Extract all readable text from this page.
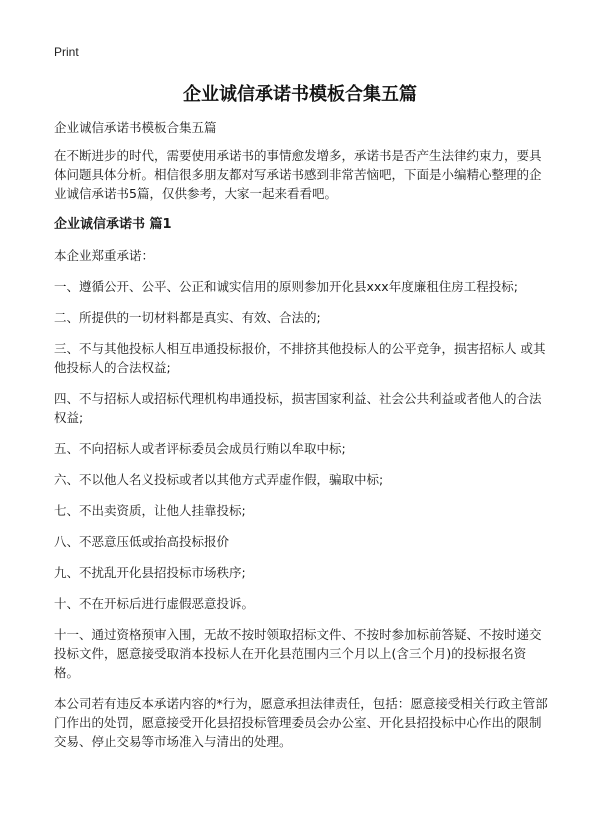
Print
企业诚信承诺书模板合集五篇

企业诚信承诺书模板合集五篇

在不断进步的时代，需要使用承诺书的事情愈发增多，承诺书是否产生法律约束力，要具体问题具体分析。相信很多朋友都对写承诺书感到非常苦恼吧，下面是小编精心整理的企业诚信承诺书5篇，仅供参考，大家一起来看看吧。

企业诚信承诺书 篇1

本企业郑重承诺：

一、遵循公开、公平、公正和诚实信用的原则参加开化县xxx年度廉租住房工程投标;

二、所提供的一切材料都是真实、有效、合法的;

三、不与其他投标人相互串通投标报价，不排挤其他投标人的公平竞争，损害招标人 或其他投标人的合法权益;

四、不与招标人或招标代理机构串通投标，损害国家利益、社会公共利益或者他人的合法权益;

五、不向招标人或者评标委员会成员行贿以牟取中标;

六、不以他人名义投标或者以其他方式弄虚作假，骗取中标;

七、不出卖资质，让他人挂靠投标;

八、不恶意压低或抬高投标报价

九、不扰乱开化县招投标市场秩序;

十、不在开标后进行虚假恶意投诉。

十一、通过资格预审入围，无故不按时领取招标文件、不按时参加标前答疑、不按时递交投标文件，愿意接受取消本投标人在开化县范围内三个月以上(含三个月)的投标报名资格。

本公司若有违反本承诺内容的*行为，愿意承担法律责任，包括：愿意接受相关行政主管部门作出的处罚，愿意接受开化县招投标管理委员会办公室、开化县招投标中心作出的限制交易、停止交易等市场准入与清出的处理。
